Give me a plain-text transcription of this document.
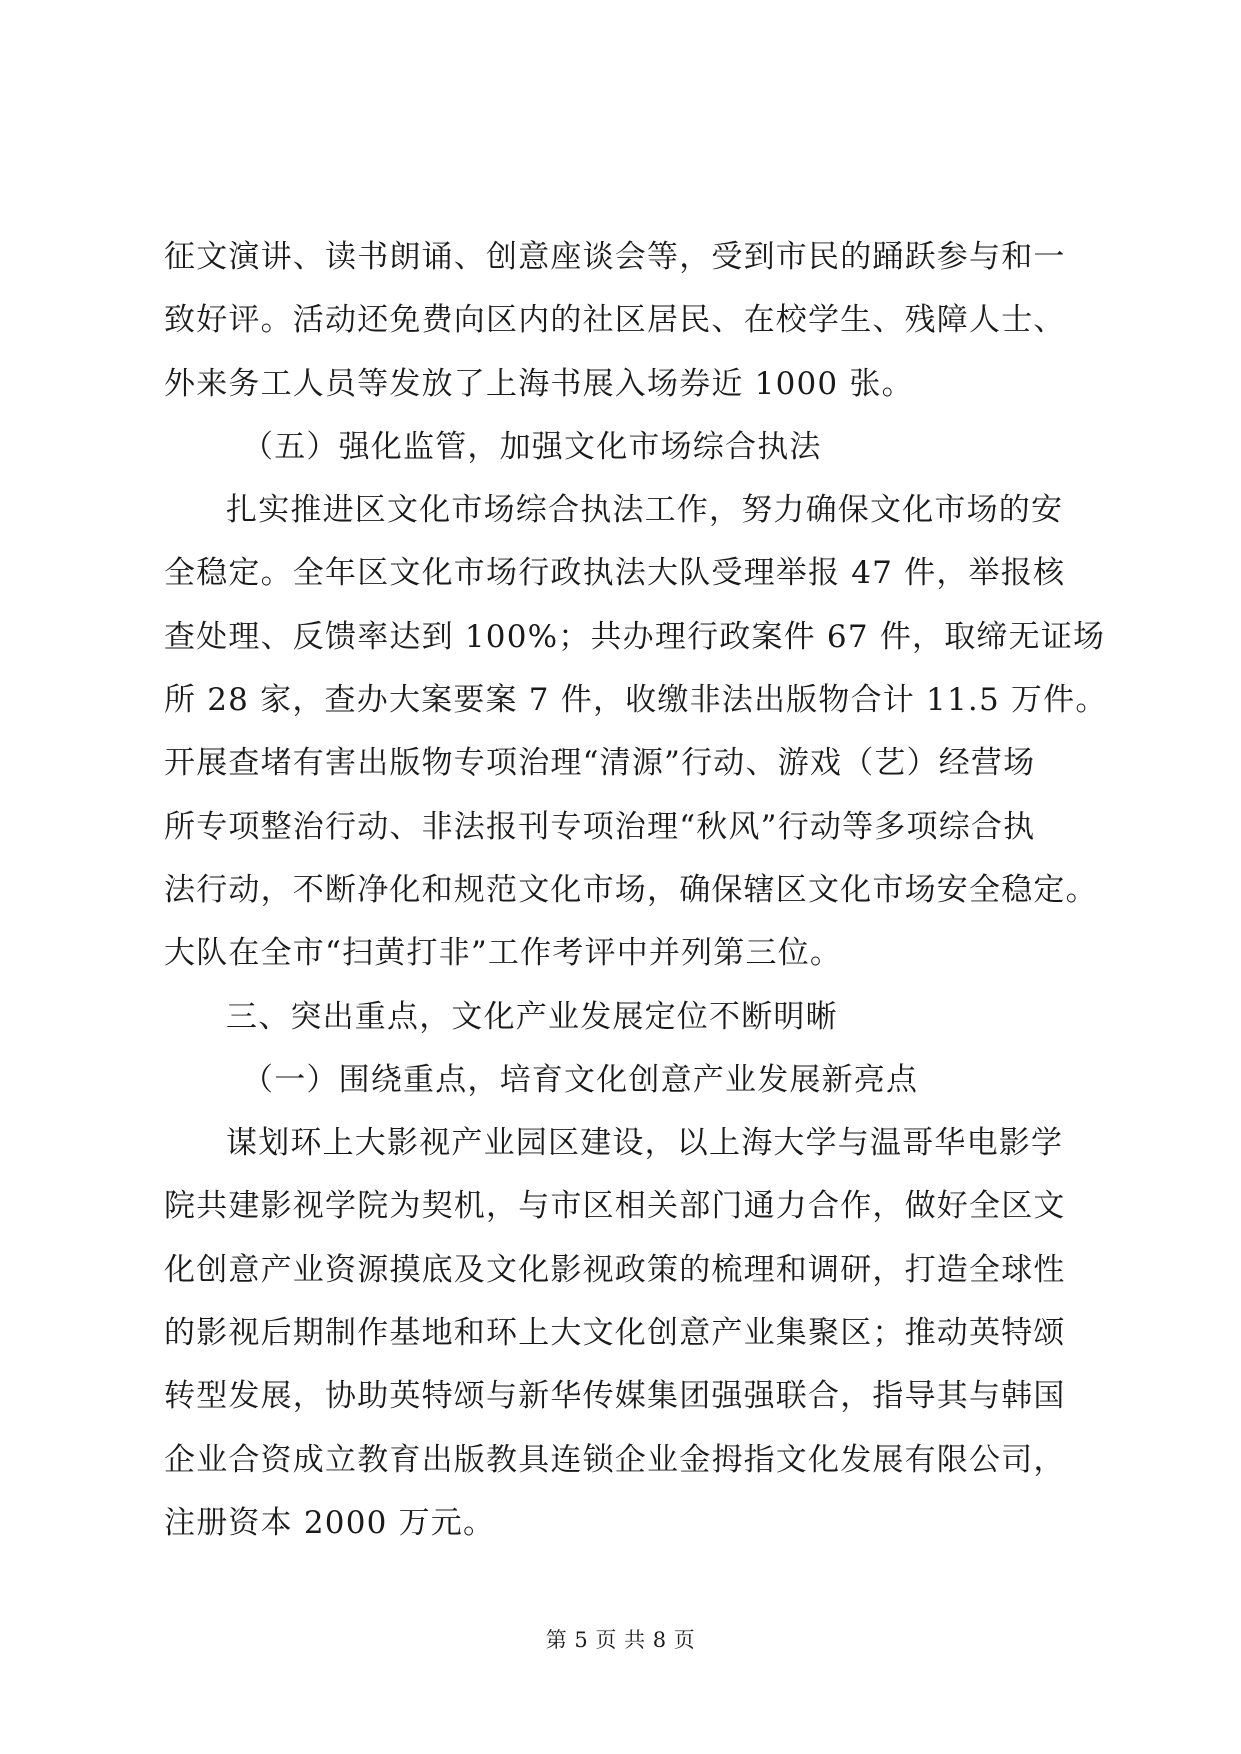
征文演讲、读书朗诵、创意座谈会等，受到市民的踊跃参与和一
致好评。活动还免费向区内的社区居民、在校学生、残障人士、
外来务工人员等发放了上海书展入场券近 1000 张。
（五）强化监管，加强文化市场综合执法
扎实推进区文化市场综合执法工作，努力确保文化市场的安
全稳定。全年区文化市场行政执法大队受理举报 47 件，举报核
查处理、反馈率达到 100%；共办理行政案件 67 件，取缔无证场
所 28 家，查办大案要案 7 件，收缴非法出版物合计 11.5 万件。
开展查堵有害出版物专项治理“清源”行动、游戏（艺）经营场
所专项整治行动、非法报刊专项治理“秋风”行动等多项综合执
法行动，不断净化和规范文化市场，确保辖区文化市场安全稳定。
大队在全市“扫黄打非”工作考评中并列第三位。
三、突出重点，文化产业发展定位不断明晰
（一）围绕重点，培育文化创意产业发展新亮点
谋划环上大影视产业园区建设，以上海大学与温哥华电影学
院共建影视学院为契机，与市区相关部门通力合作，做好全区文
化创意产业资源摸底及文化影视政策的梳理和调研，打造全球性
的影视后期制作基地和环上大文化创意产业集聚区；推动英特颂
转型发展，协助英特颂与新华传媒集团强强联合，指导其与韩国
企业合资成立教育出版教具连锁企业金拇指文化发展有限公司，
注册资本 2000 万元。
第 5 页 共 8 页
